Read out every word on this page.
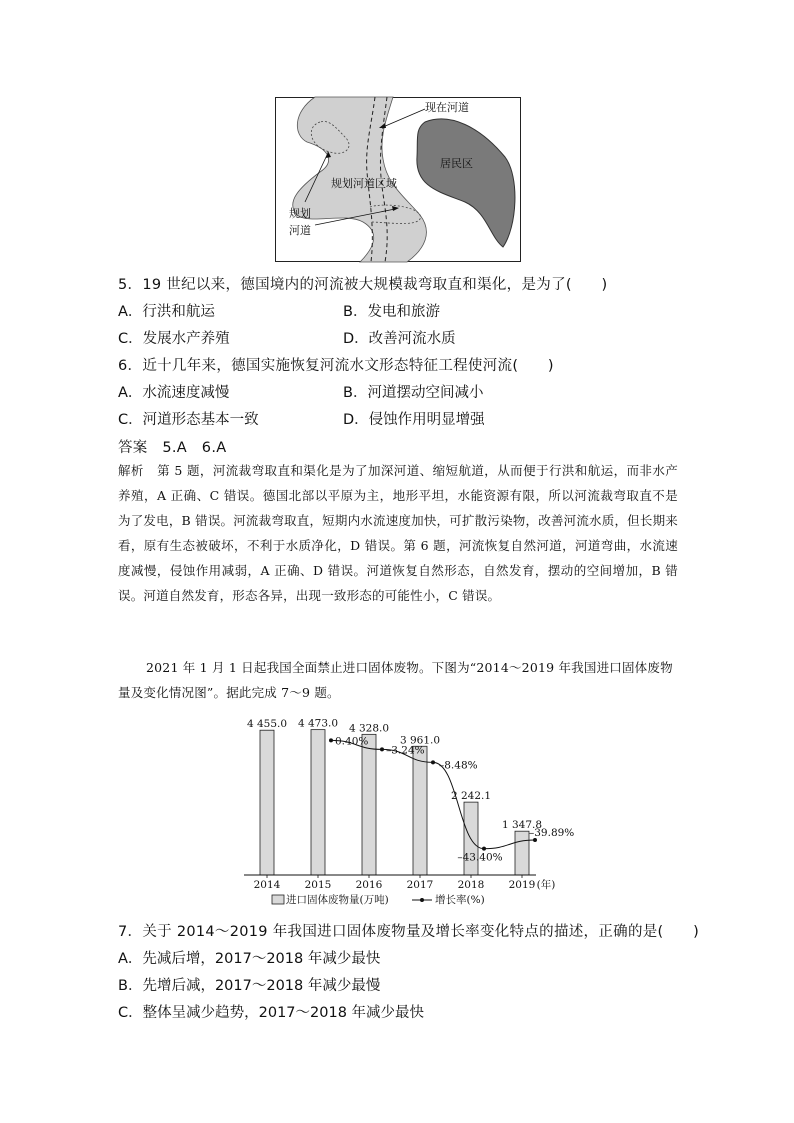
居民区
现在河道
规划河道区域
规划
河道
5．19 世纪以来，德国境内的河流被大规模裁弯取直和渠化，是为了(　　)
A．行洪和航运	B．发电和旅游
C．发展水产养殖	D．改善河流水质
6．近十几年来，德国实施恢复河流水文形态特征工程使河流(　　)
A．水流速度减慢	B．河道摆动空间减小
C．河道形态基本一致	D．侵蚀作用明显增强
答案 5.A　6.A
解析 第 5 题，河流裁弯取直和渠化是为了加深河道、缩短航道，从而便于行洪和航运，而非水产养殖，A 正确、C 错误。德国北部以平原为主，地形平坦，水能资源有限，所以河流裁弯取直不是为了发电，B 错误。河流裁弯取直，短期内水流速度加快，可扩散污染物，改善河流水质，但长期来看，原有生态被破坏，不利于水质净化，D 错误。第 6 题，河流恢复自然河道，河道弯曲，水流速度减慢，侵蚀作用减弱，A 正确、D 错误。河道恢复自然形态，自然发育，摆动的空间增加，B 错误。河道自然发育，形态各异，出现一致形态的可能性小，C 错误。
2021 年 1 月 1 日起我国全面禁止进口固体废物。下图为“2014～2019 年我国进口固体废物量及变化情况图”。据此完成 7～9 题。
4 455.0 4 473.0 4 328.0
3 961.0
2 242.1
1 347.8
0.40%
–3.24%
–8.48%
–43.40%
–39.89%
2014 2015 2016 2017 2018 2019 (年)
进口固体废物量(万吨)	增长率(%)
7．关于 2014～2019 年我国进口固体废物量及增长率变化特点的描述，正确的是(　　)
A．先减后增，2017～2018 年减少最快
B．先增后减，2017～2018 年减少最慢
C．整体呈减少趋势，2017～2018 年减少最快
